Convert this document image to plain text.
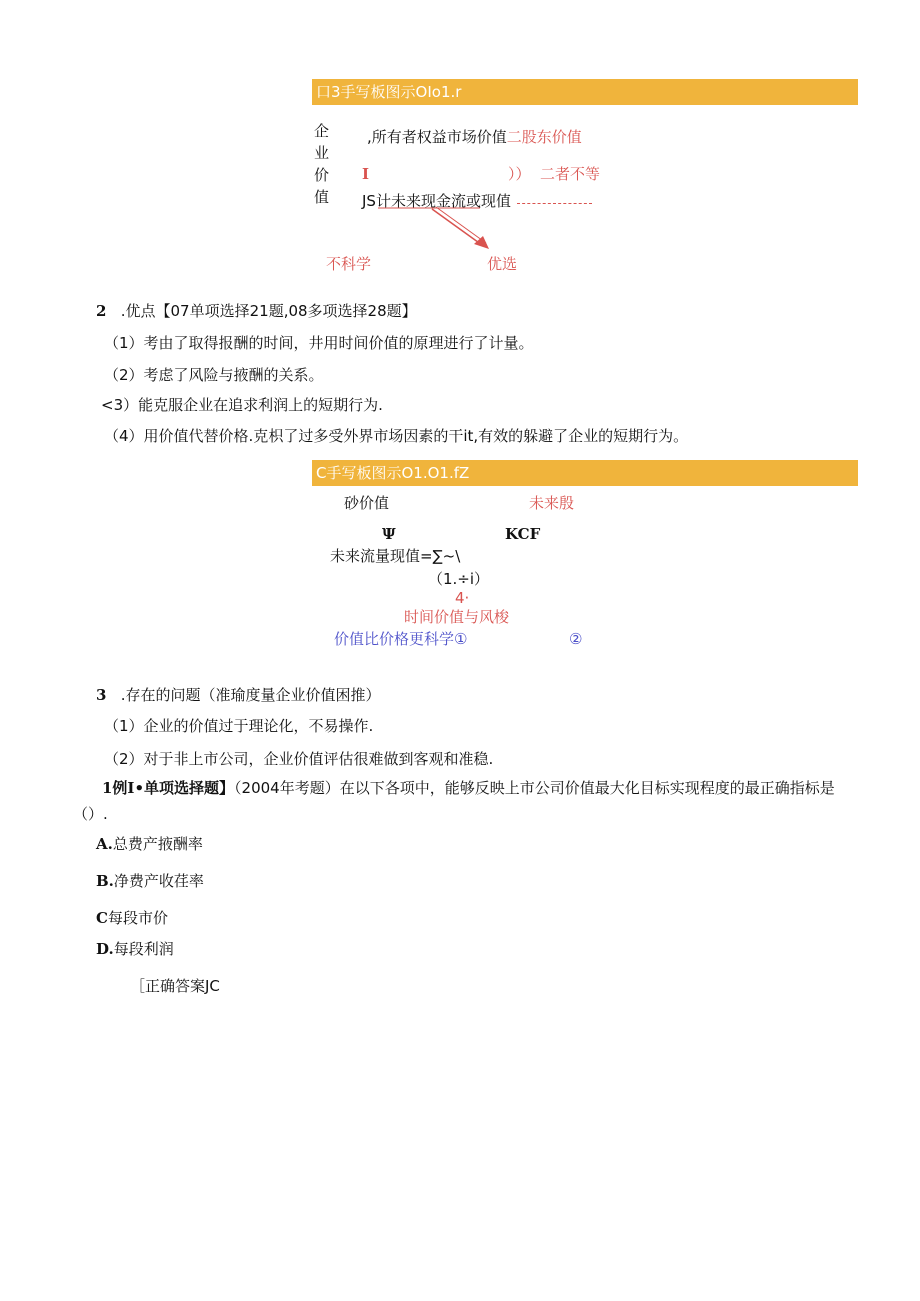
口3手写板图示OIo1.r
企业价值
,所有者权益市场价值二股东价值
I	）） 二者不等
JS计未来现金流或现值
不科学	优选
2 .优点【07单项选择21题,08多项选择28题】
（1）考由了取得报酬的时间，井用时间价值的原理进行了计量。
（2）考虑了风险与掖酬的关系。
<3）能克服企业在追求利润上的短期行为.
（4）用价值代替价格.克枳了过多受外界市场因素的干it,有效的躲避了企业的短期行为。
C手写板图示O1.O1.fZ
砂价值	未来殷
Ψ	KCF
未来流量现值=∑~\
（1.÷i）
4·
时间价值与风梭
价值比价格更科学①	②
3 .存在的问题（准瑜度量企业价值困推）
（1）企业的价值过于理论化，不易操作.
（2）对于非上市公司，企业价值评估很难做到客观和准稳.
1例I•单项选择题】（2004年考题）在以下各项中，能够反映上市公司价值最大化目标实现程度的最正确指标是
（）.
A.总费产掖酬率
B.净费产收荏率
C每段市价
D.每段利润
［正确答案JC
